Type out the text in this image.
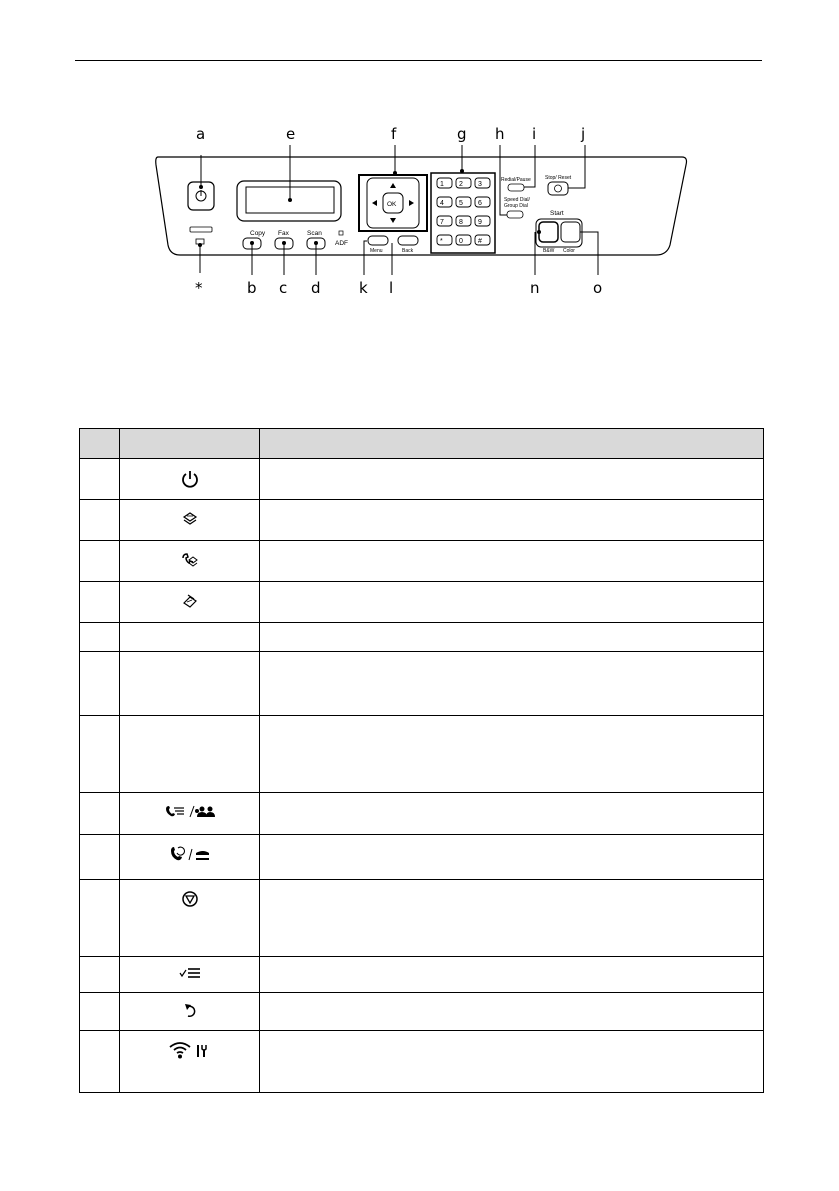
Copy Fax	Scan
ADF
OK
Menu	Back
1 2 3
4 5 6
7 8 9
* 0 #
Redial/Pause
Speed Dial/
Group Dial
Stop/ Reset
Start
B&W Color
a	e	f	g h i	j
*	b c d	k l	n	o
